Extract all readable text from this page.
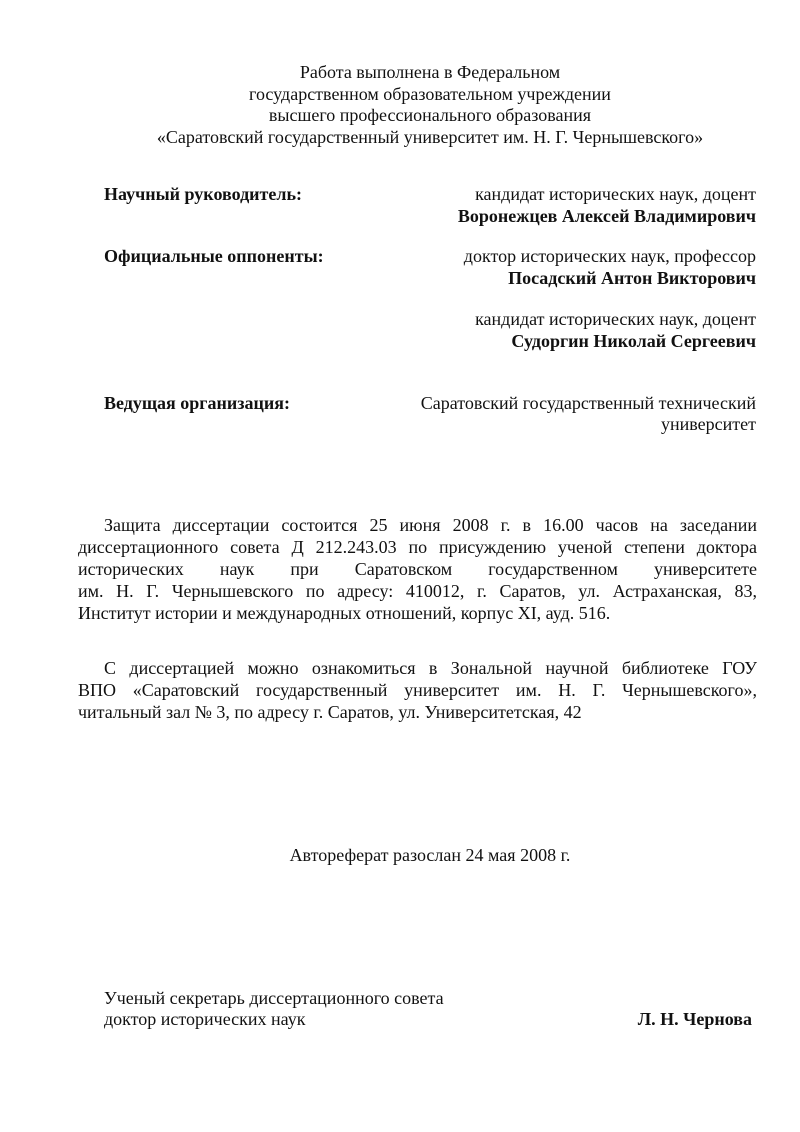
Работа выполнена в Федеральном
государственном образовательном учреждении
высшего профессионального образования
«Саратовский государственный университет им. Н. Г. Чернышевского»
Научный руководитель:	кандидат исторических наук, доцент
Воронежцев Алексей Владимирович
Официальные оппоненты:	доктор исторических наук, профессор
Посадский Антон Викторович
кандидат исторических наук, доцент
Судоргин Николай Сергеевич
Ведущая организация:	Саратовский государственный технический
университет
Защита диссертации состоится 25 июня 2008 г. в 16.00 часов на заседании
диссертационного совета Д 212.243.03 по присуждению ученой степени доктора
исторических наук при Саратовском государственном университете
им. Н. Г. Чернышевского по адресу: 410012, г. Саратов, ул. Астраханская, 83,
Институт истории и международных отношений, корпус XI, ауд. 516.
С диссертацией можно ознакомиться в Зональной научной библиотеке ГОУ
ВПО «Саратовский государственный университет им. Н. Г. Чернышевского»,
читальный зал № 3, по адресу г. Саратов, ул. Университетская, 42
Автореферат разослан 24 мая 2008 г.
Ученый секретарь диссертационного совета
доктор исторических наук	Л. Н. Чернова
